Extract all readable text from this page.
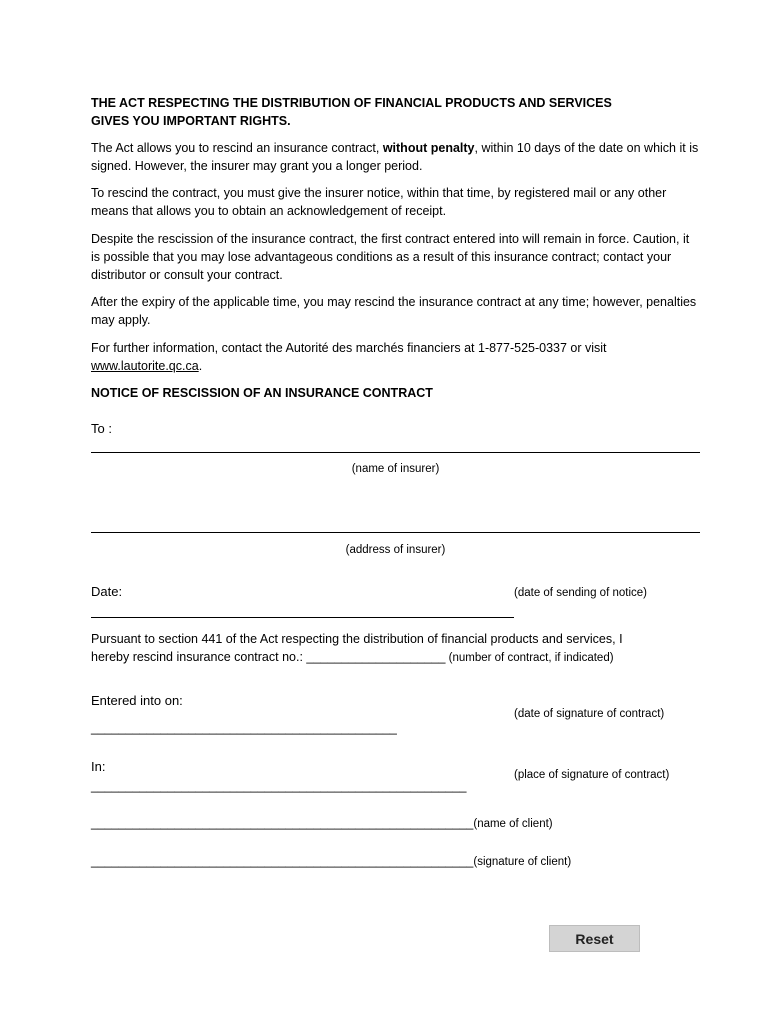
THE ACT RESPECTING THE DISTRIBUTION OF FINANCIAL PRODUCTS AND SERVICES
GIVES YOU IMPORTANT RIGHTS.
The Act allows you to rescind an insurance contract, without penalty, within 10 days of the date on which it is signed. However, the insurer may grant you a longer period.
To rescind the contract, you must give the insurer notice, within that time, by registered mail or any other means that allows you to obtain an acknowledgement of receipt.
Despite the rescission of the insurance contract, the first contract entered into will remain in force. Caution, it is possible that you may lose advantageous conditions as a result of this insurance contract; contact your distributor or consult your contract.
After the expiry of the applicable time, you may rescind the insurance contract at any time; however, penalties may apply.
For further information, contact the Autorité des marchés financiers at 1-877-525-0337 or visit www.lautorite.qc.ca.
NOTICE OF RESCISSION OF AN INSURANCE CONTRACT
To :
(name of insurer)
(address of insurer)
Date:	(date of sending of notice)
Pursuant to section 441 of the Act respecting the distribution of financial products and services, I
hereby rescind insurance contract no.: ____________________ (number of contract, if indicated)
Entered into on:
(date of signature of contract)
____________________________________________
In:
(place of signature of contract)
______________________________________________________
_______________________________________________________(name of client)
_______________________________________________________(signature of client)
Reset
